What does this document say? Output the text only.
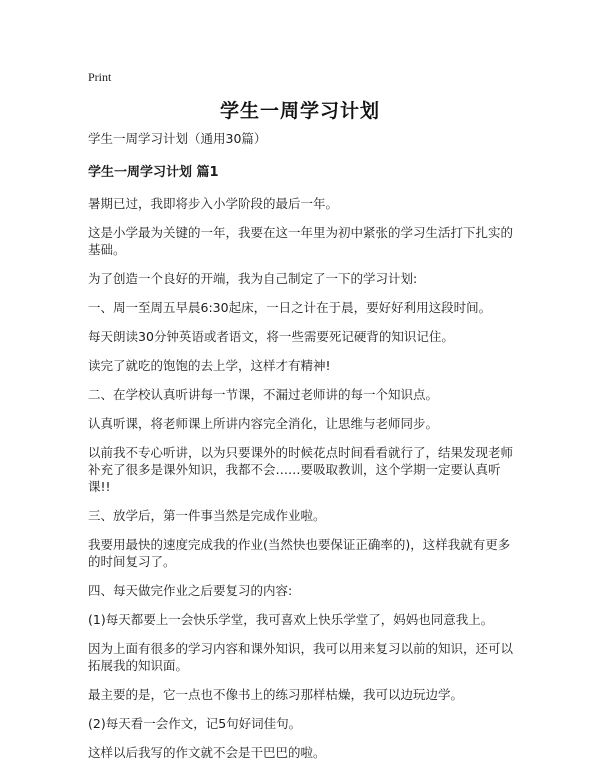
Print
学生一周学习计划
学生一周学习计划（通用30篇）
学生一周学习计划 篇1

暑期已过，我即将步入小学阶段的最后一年。

这是小学最为关键的一年，我要在这一年里为初中紧张的学习生活打下扎实的基础。

为了创造一个良好的开端，我为自己制定了一下的学习计划:

一、周一至周五早晨6:30起床，一日之计在于晨，要好好利用这段时间。

每天朗读30分钟英语或者语文，将一些需要死记硬背的知识记住。

读完了就吃的饱饱的去上学，这样才有精神!

二、在学校认真听讲每一节课，不漏过老师讲的每一个知识点。

认真听课，将老师课上所讲内容完全消化，让思维与老师同步。

以前我不专心听讲，以为只要课外的时候花点时间看看就行了，结果发现老师补充了很多是课外知识，我都不会……要吸取教训，这个学期一定要认真听课!!

三、放学后，第一件事当然是完成作业啦。

我要用最快的速度完成我的作业(当然快也要保证正确率的)，这样我就有更多的时间复习了。

四、每天做完作业之后要复习的内容:

(1)每天都要上一会快乐学堂，我可喜欢上快乐学堂了，妈妈也同意我上。

因为上面有很多的学习内容和课外知识，我可以用来复习以前的知识，还可以拓展我的知识面。

最主要的是，它一点也不像书上的练习那样枯燥，我可以边玩边学。

(2)每天看一会作文，记5句好词佳句。

这样以后我写的作文就不会是干巴巴的啦。
